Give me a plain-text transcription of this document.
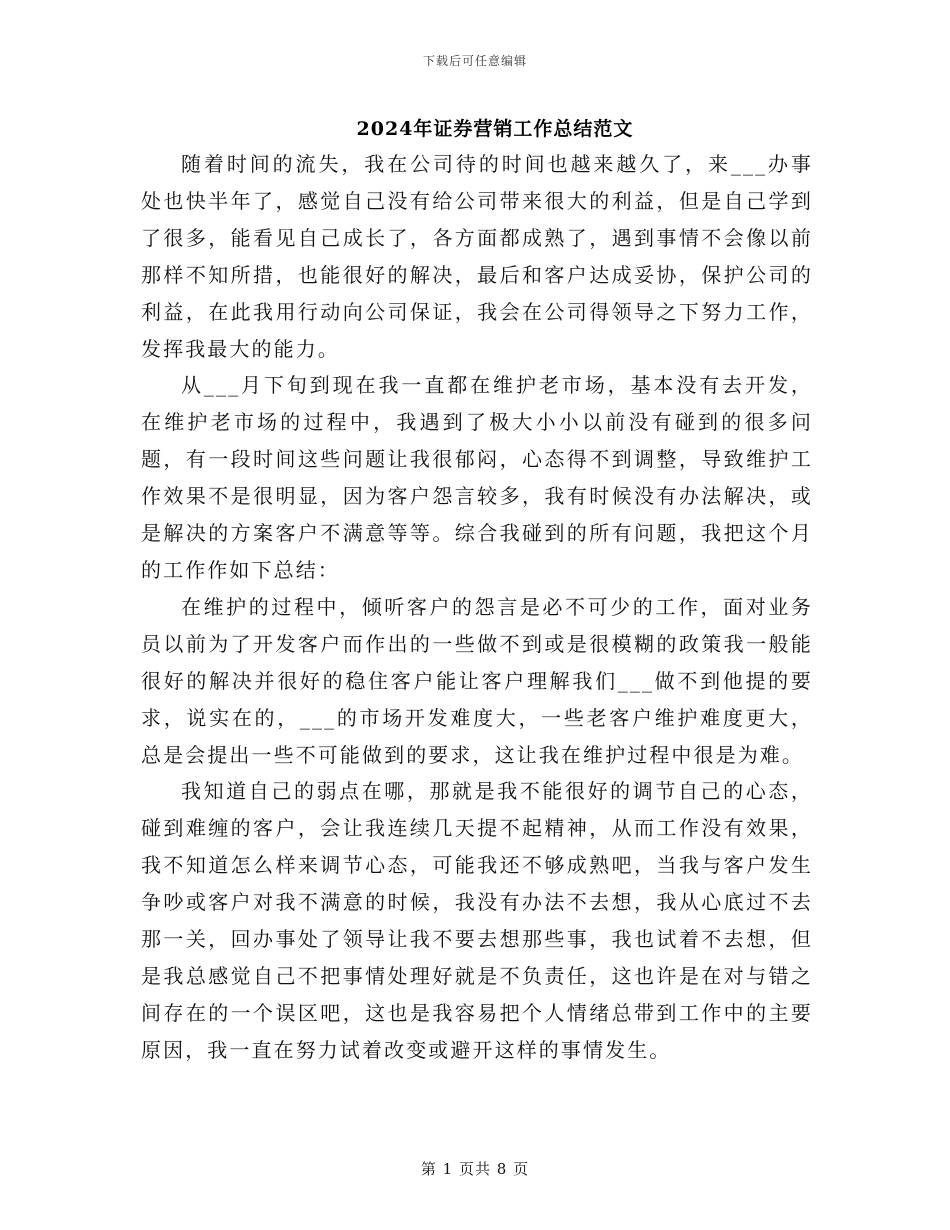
下载后可任意编辑
2024年证券营销工作总结范文

随着时间的流失，我在公司待的时间也越来越久了，来___办事处也快半年了，感觉自己没有给公司带来很大的利益，但是自己学到了很多，能看见自己成长了，各方面都成熟了，遇到事情不会像以前那样不知所措，也能很好的解决，最后和客户达成妥协，保护公司的利益，在此我用行动向公司保证，我会在公司得领导之下努力工作，发挥我最大的能力。

从___月下旬到现在我一直都在维护老市场，基本没有去开发，在维护老市场的过程中，我遇到了极大小小以前没有碰到的很多问题，有一段时间这些问题让我很郁闷，心态得不到调整，导致维护工作效果不是很明显，因为客户怨言较多，我有时候没有办法解决，或是解决的方案客户不满意等等。综合我碰到的所有问题，我把这个月的工作作如下总结：

在维护的过程中，倾听客户的怨言是必不可少的工作，面对业务员以前为了开发客户而作出的一些做不到或是很模糊的政策我一般能很好的解决并很好的稳住客户能让客户理解我们___做不到他提的要求，说实在的，___的市场开发难度大，一些老客户维护难度更大，总是会提出一些不可能做到的要求，这让我在维护过程中很是为难。

我知道自己的弱点在哪，那就是我不能很好的调节自己的心态，碰到难缠的客户，会让我连续几天提不起精神，从而工作没有效果，我不知道怎么样来调节心态，可能我还不够成熟吧，当我与客户发生争吵或客户对我不满意的时候，我没有办法不去想，我从心底过不去那一关，回办事处了领导让我不要去想那些事，我也试着不去想，但是我总感觉自己不把事情处理好就是不负责任，这也许是在对与错之间存在的一个误区吧，这也是我容易把个人情绪总带到工作中的主要原因，我一直在努力试着改变或避开这样的事情发生。

第 1 页共 8 页
